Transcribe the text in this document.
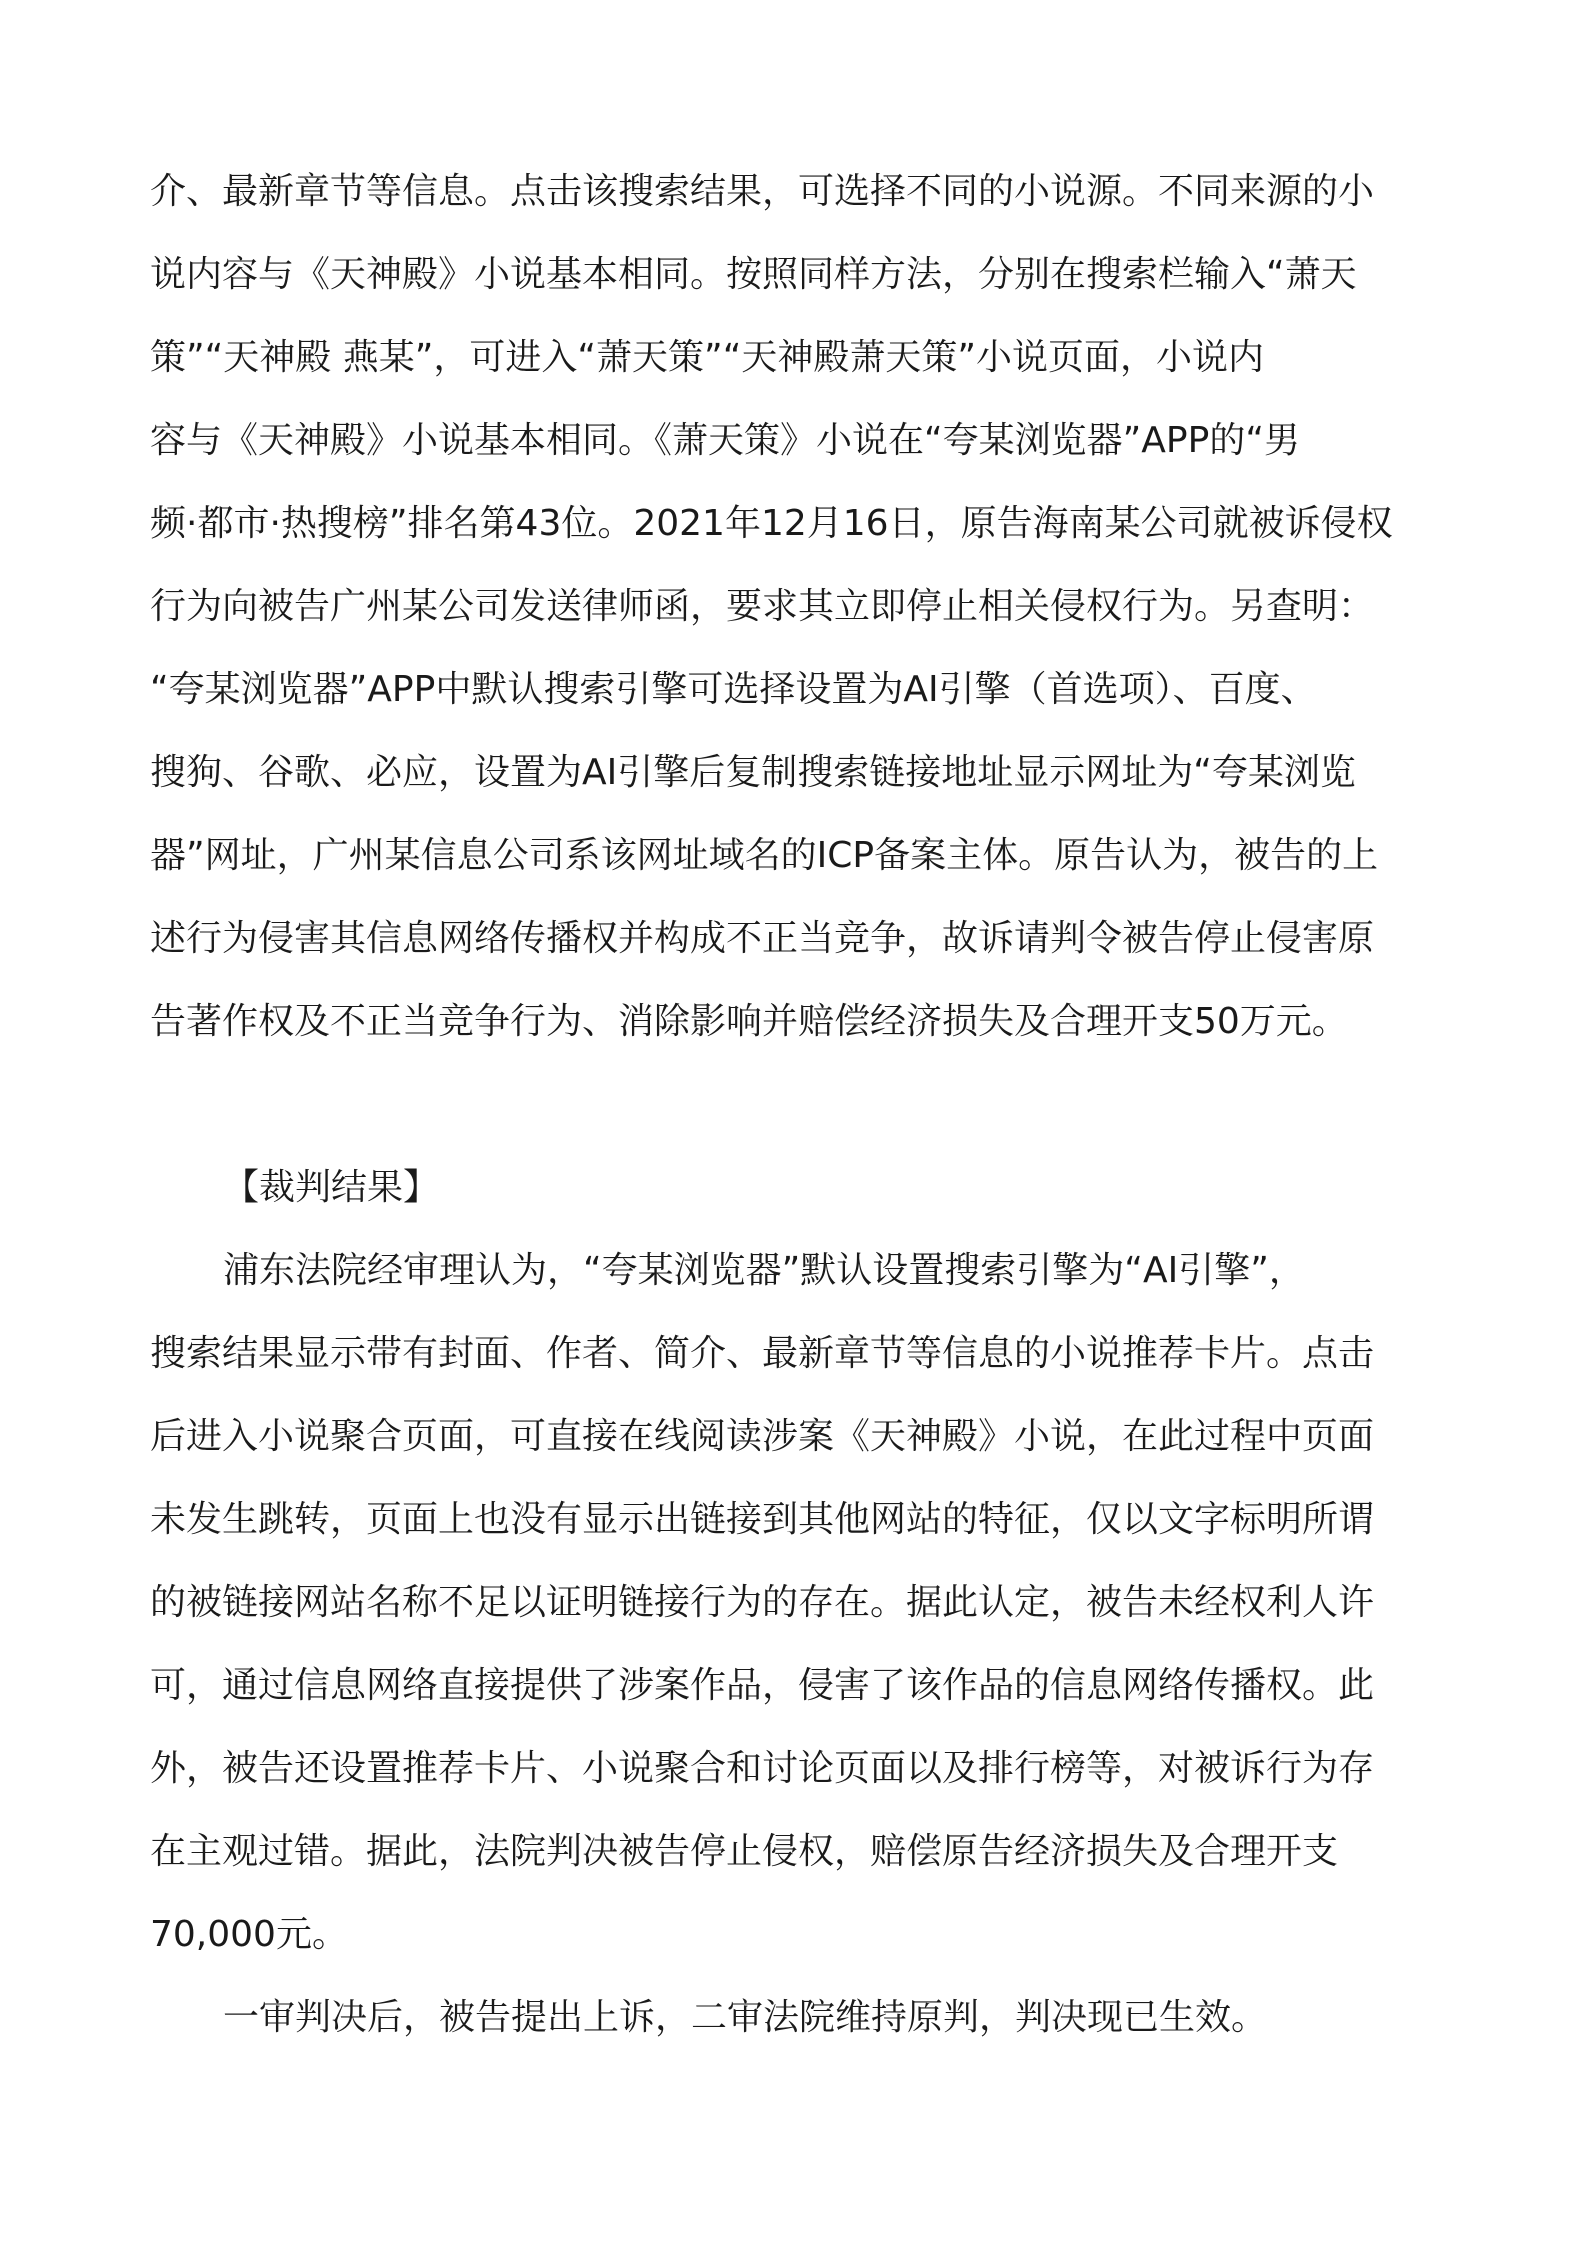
介、最新章节等信息。点击该搜索结果，可选择不同的小说源。不同来源的小
说内容与《天神殿》小说基本相同。按照同样方法，分别在搜索栏输入“萧天
策”“天神殿 燕某”，可进入“萧天策”“天神殿萧天策”小说页面，小说内
容与《天神殿》小说基本相同。《萧天策》小说在“夸某浏览器”APP的“男
频·都市·热搜榜”排名第43位。2021年12月16日，原告海南某公司就被诉侵权
行为向被告广州某公司发送律师函，要求其立即停止相关侵权行为。另查明：
“夸某浏览器”APP中默认搜索引擎可选择设置为AI引擎（首选项）、百度、
搜狗、谷歌、必应，设置为AI引擎后复制搜索链接地址显示网址为“夸某浏览
器”网址，广州某信息公司系该网址域名的ICP备案主体。原告认为，被告的上
述行为侵害其信息网络传播权并构成不正当竞争，故诉请判令被告停止侵害原
告著作权及不正当竞争行为、消除影响并赔偿经济损失及合理开支50万元。
【裁判结果】
浦东法院经审理认为，“夸某浏览器”默认设置搜索引擎为“AI引擎”，
搜索结果显示带有封面、作者、简介、最新章节等信息的小说推荐卡片。点击
后进入小说聚合页面，可直接在线阅读涉案《天神殿》小说，在此过程中页面
未发生跳转，页面上也没有显示出链接到其他网站的特征，仅以文字标明所谓
的被链接网站名称不足以证明链接行为的存在。据此认定，被告未经权利人许
可，通过信息网络直接提供了涉案作品，侵害了该作品的信息网络传播权。此
外，被告还设置推荐卡片、小说聚合和讨论页面以及排行榜等，对被诉行为存
在主观过错。据此，法院判决被告停止侵权，赔偿原告经济损失及合理开支
70,000元。
一审判决后，被告提出上诉，二审法院维持原判，判决现已生效。
